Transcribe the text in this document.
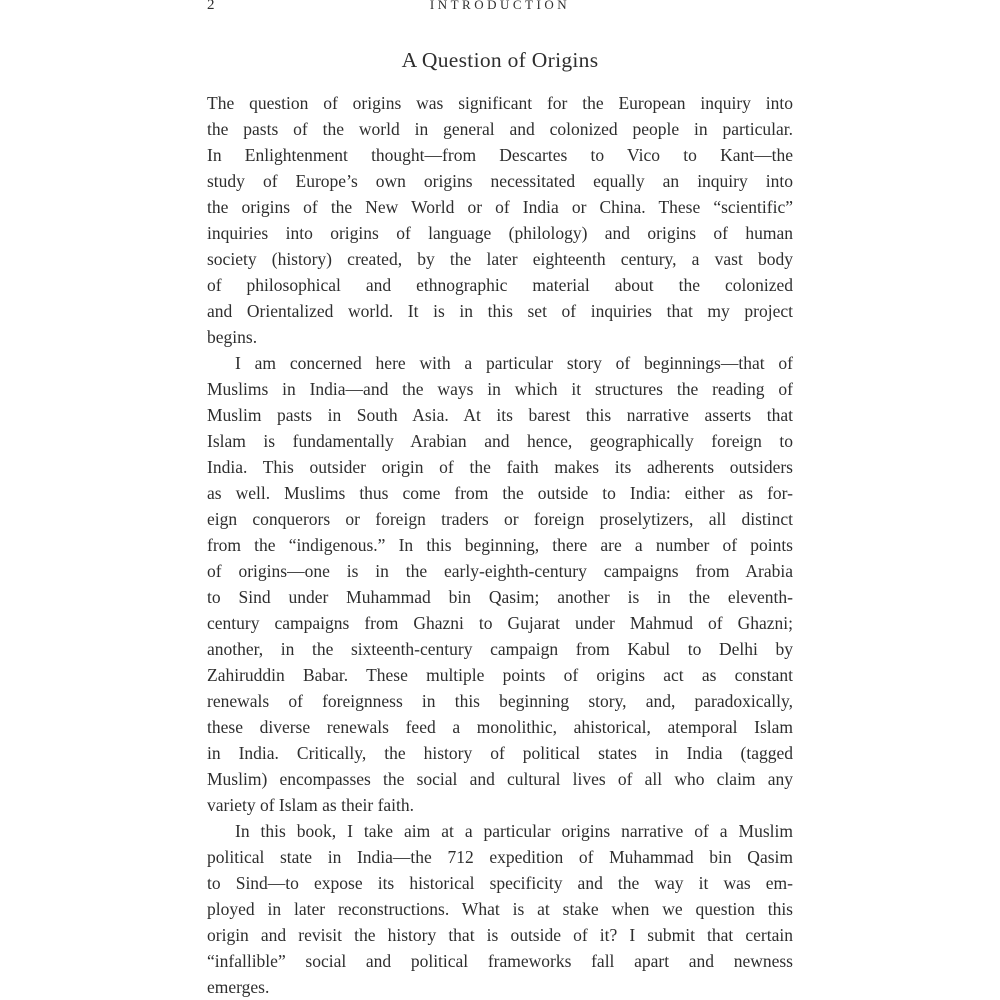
2	INTRODUCTION
A Question of Origins
The question of origins was significant for the European inquiry into
the pasts of the world in general and colonized people in particular.
In Enlightenment thought—from Descartes to Vico to Kant—the
study of Europe’s own origins necessitated equally an inquiry into
the origins of the New World or of India or China. These “scientific”
inquiries into origins of language (philology) and origins of human
society (history) created, by the later eighteenth century, a vast body
of philosophical and ethnographic material about the colonized
and Orientalized world. It is in this set of inquiries that my project
begins.
I am concerned here with a particular story of beginnings—that of
Muslims in India—and the ways in which it structures the reading of
Muslim pasts in South Asia. At its barest this narrative asserts that
Islam is fundamentally Arabian and hence, geographically foreign to
India. This outsider origin of the faith makes its adherents outsiders
as well. Muslims thus come from the outside to India: either as for-
eign conquerors or foreign traders or foreign proselytizers, all distinct
from the “indigenous.” In this beginning, there are a number of points
of origins—one is in the early-eighth-century campaigns from Arabia
to Sind under Muhammad bin Qasim; another is in the eleventh-
century campaigns from Ghazni to Gujarat under Mahmud of Ghazni;
another, in the sixteenth-century campaign from Kabul to Delhi by
Zahiruddin Babar. These multiple points of origins act as constant
renewals of foreignness in this beginning story, and, paradoxically,
these diverse renewals feed a monolithic, ahistorical, atemporal Islam
in India. Critically, the history of political states in India (tagged
Muslim) encompasses the social and cultural lives of all who claim any
variety of Islam as their faith.
In this book, I take aim at a particular origins narrative of a Muslim
political state in India—the 712 expedition of Muhammad bin Qasim
to Sind—to expose its historical specificity and the way it was em-
ployed in later reconstructions. What is at stake when we question this
origin and revisit the history that is outside of it? I submit that certain
“infallible” social and political frameworks fall apart and newness
emerges.
